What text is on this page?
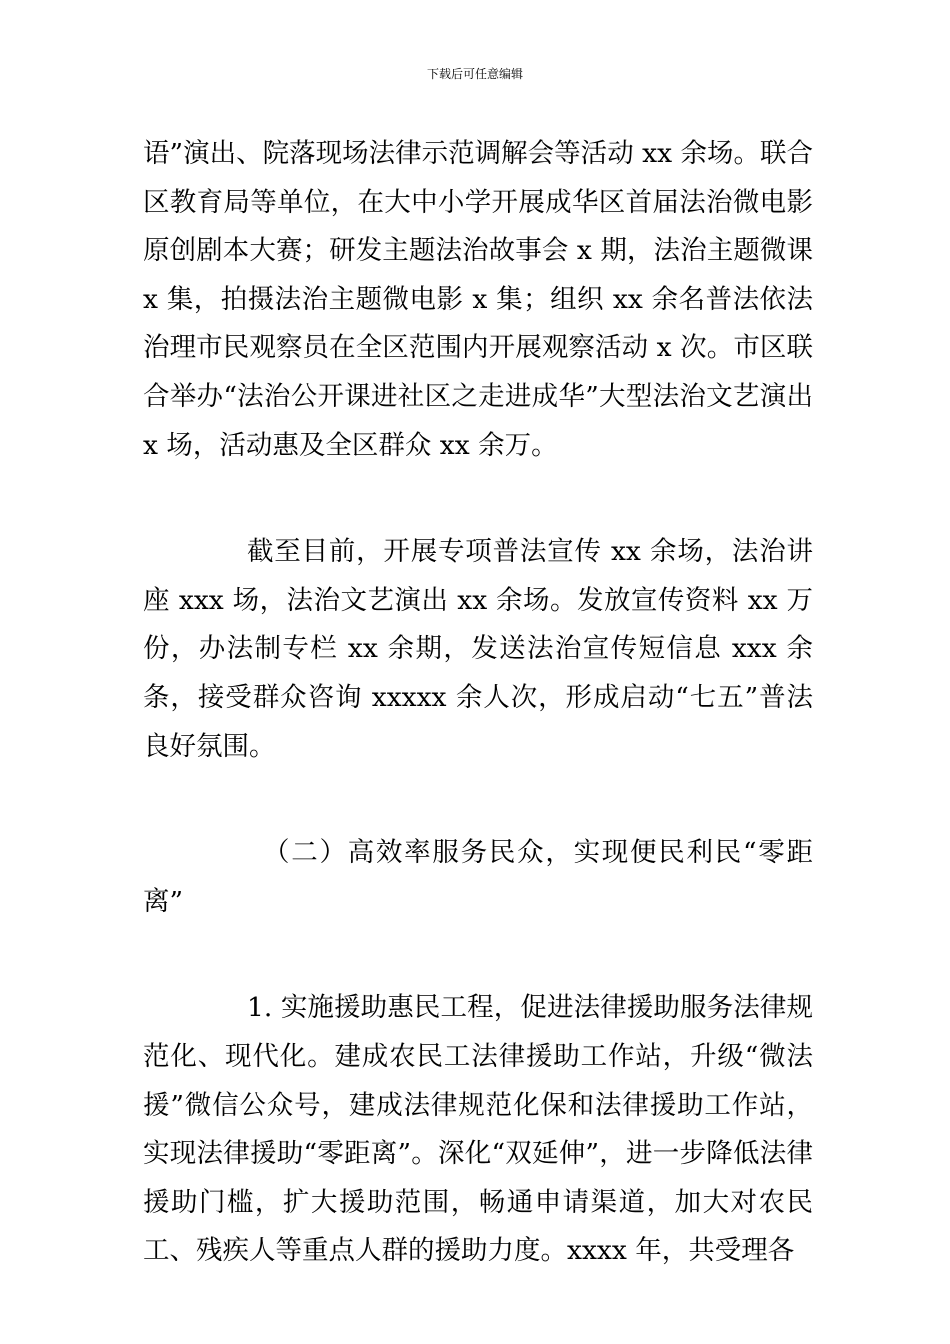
下载后可任意编辑

语”演出、院落现场法律示范调解会等活动 xx 余场。联合区教育局等单位，在大中小学开展成华区首届法治微电影原创剧本大赛；研发主题法治故事会 x 期，法治主题微课 x 集，拍摄法治主题微电影 x 集；组织 xx 余名普法依法治理市民观察员在全区范围内开展观察活动 x 次。市区联合举办“法治公开课进社区之走进成华”大型法治文艺演出 x 场，活动惠及全区群众 xx 余万。

截至目前，开展专项普法宣传 xx 余场，法治讲座 xxx 场，法治文艺演出 xx 余场。发放宣传资料 xx 万份，办法制专栏 xx 余期，发送法治宣传短信息 xxx 余条，接受群众咨询 xxxxx 余人次，形成启动“七五”普法良好氛围。

（二）高效率服务民众，实现便民利民“零距离”

1. 实施援助惠民工程，促进法律援助服务法律规范化、现代化。建成农民工法律援助工作站，升级“微法援”微信公众号，建成法律规范化保和法律援助工作站，实现法律援助“零距离”。深化“双延伸”，进一步降低法律援助门槛，扩大援助范围，畅通申请渠道，加大对农民工、残疾人等重点人群的援助力度。xxxx 年，共受理各
